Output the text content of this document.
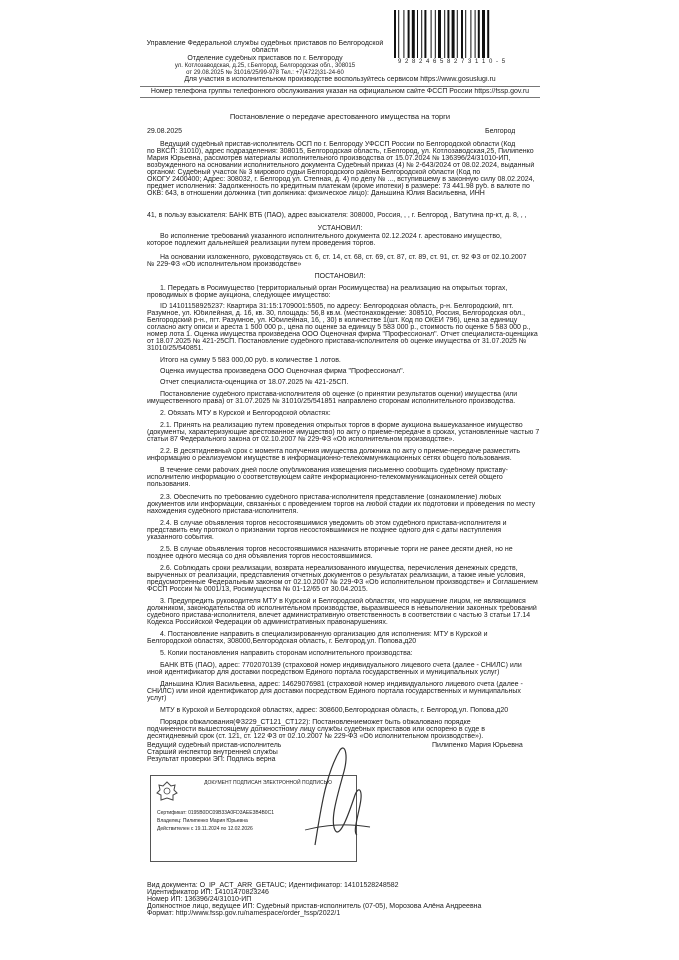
Управление Федеральной службы судебных приставов по Белгородской
области
Отделение судебных приставов по г. Белгороду
ул. Котлозаводская, д.25, г.Белгород, Белгородская обл., 308015
от 29.08.2025 № 31016/25/99-978 Тел.: +7(4722)31-24-60
9 2 8 2 4 6 5 8 2 7 3 1 1 0 - 5
Для участия в исполнительном производстве воспользуйтесь сервисом https://www.gosuslugi.ru
Номер телефона группы телефонного обслуживания указан на официальном сайте ФССП России https://fssp.gov.ru
Постановление о передаче арестованного имущества на торги
29.08.2025	Белгород
Ведущий судебный пристав-исполнитель ОСП по г. Белгороду УФССП России по Белгородской области (Код
по ВКСП: 31010), адрес подразделения: 308015, Белгородская область, г.Белгород, ул. Котлозаводская,25, Пилипенко
Мария Юрьевна, рассмотрев материалы исполнительного производства от 15.07.2024 № 136396/24/31010-ИП,
возбужденного на основании исполнительного документа Судебный приказ (4) № 2-643/2024 от 08.02.2024, выданный
органом: Судебный участок № 3 мирового судьи Белгородского района Белгородской области (Код по
ОКОГУ 2400400; Адрес: 308032, г. Белгород ул. Степная, д. 4) по делу № ..., вступившему в законную силу 08.02.2024,
предмет исполнения: Задолженность по кредитным платежам (кроме ипотеки) в размере: 73 441.98 руб. в валюте по
ОКВ: 643, в отношении должника (тип должника: физическое лицо): Даньшина Юлия Васильевна, ИНН
41, в пользу взыскателя: БАНК ВТБ (ПАО), адрес взыскателя: 308000, Россия, , , г. Белгород , Ватутина пр-кт, д. 8, , ,
УСТАНОВИЛ:
Во исполнение требований указанного исполнительного документа 02.12.2024 г. арестовано имущество,
которое подлежит дальнейшей реализации путем проведения торгов.
На основании изложенного, руководствуясь ст. 6, ст. 14, ст. 68, ст. 69, ст. 87, ст. 89, ст. 91, ст. 92 ФЗ от 02.10.2007
№ 229-ФЗ «Об исполнительном производстве»
ПОСТАНОВИЛ:
1. Передать в Росимущество (территориальный орган Росимущества) на реализацию на открытых торгах,
проводимых в форме аукциона, следующее имущество:
ID 14101158925237: Квартира 31:15:1709001:5505, по адресу: Белгородская область, р-н. Белгородский, пгт.
Разумное, ул. Юбилейная, д. 16, кв. 30, площадь: 56,8 кв.м. (местонахождение: 308510, Россия, Белгородская обл.,
Белгородский р-н., пгт. Разумное, ул. Юбилейная, 16, , 30) в количестве 1(шт. Код по ОКЕИ 796), цена за единицу
согласно акту описи и ареста 1 500 000 р., цена по оценке за единицу 5 583 000 р., стоимость по оценке 5 583 000 р.,
номер лота 1. Оценка имущества произведена ООО Оценочная фирма "Профессионал". Отчет специалиста-оценщика
от 18.07.2025 № 421-25СП. Постановление судебного пристава-исполнителя об оценке имущества от 31.07.2025 №
31010/25/540851.
Итого на сумму 5 583 000,00 руб. в количестве 1 лотов.
Оценка имущества произведена ООО Оценочная фирма "Профессионал".
Отчет специалиста-оценщика от 18.07.2025 № 421-25СП.
Постановление судебного пристава-исполнителя об оценке (о принятии результатов оценки) имущества (или
имущественного права) от 31.07.2025 № 31010/25/541851 направлено сторонам исполнительного производства.
2. Обязать МТУ в Курской и Белгородской областях:
2.1. Принять на реализацию путем проведения открытых торгов в форме аукциона вышеуказанное имущество
(документы, характеризующие арестованное имущество) по акту о приеме-передаче в сроках, установленные частью 7
статьи 87 Федерального закона от 02.10.2007 № 229-ФЗ «Об исполнительном производстве».
2.2. В десятидневный срок с момента получения имущества должника по акту о приеме-передаче разместить
информацию о реализуемом имуществе в информационно-телекоммуникационных сетях общего пользования.
В течение семи рабочих дней после опубликования извещения письменно сообщить судебному приставу-
исполнителю информацию о соответствующем сайте информационно-телекоммуникационных сетей общего
пользования.
2.3. Обеспечить по требованию судебного пристава-исполнителя представление (ознакомление) любых
документов или информации, связанных с проведением торгов на любой стадии их подготовки и проведения по месту
нахождения судебного пристава-исполнителя.
2.4. В случае объявления торгов несостоявшимися уведомить об этом судебного пристава-исполнителя и
представить ему протокол о признании торгов несостоявшимися не позднее одного дня с даты наступления
указанного события.
2.5. В случае объявления торгов несостоявшимися назначить вторичные торги не ранее десяти дней, но не
позднее одного месяца со дня объявления торгов несостоявшимися.
2.6. Соблюдать сроки реализации, возврата нереализованного имущества, перечисления денежных средств,
вырученных от реализации, представления отчетных документов о результатах реализации, а также иные условия,
предусмотренные Федеральным законом от 02.10.2007 № 229-ФЗ «Об исполнительном производстве» и Соглашением
ФССП России № 0001/13, Росимущества № 01-12/65 от 30.04.2015.
3. Предупредить руководителя МТУ в Курской и Белгородской областях, что нарушение лицом, не являющимся
должником, законодательства об исполнительном производстве, выразившееся в невыполнении законных требований
судебного пристава-исполнителя, влечет административную ответственность в соответствии с частью 3 статьи 17.14
Кодекса Российской Федерации об административных правонарушениях.
4. Постановление направить в специализированную организацию для исполнения: МТУ в Курской и
Белгородской областях, 308000,Белгородская область, г. Белгород,ул. Попова,д20
5. Копии постановления направить сторонам исполнительного производства:
БАНК ВТБ (ПАО), адрес: 7702070139 (страховой номер индивидуального лицевого счета (далее - СНИЛС) или
иной идентификатор для доставки посредством Единого портала государственных и муниципальных услуг)
Даньшина Юлия Васильевна, адрес: 14629076981 (страховой номер индивидуального лицевого счета (далее -
СНИЛС) или иной идентификатор для доставки посредством Единого портала государственных и муниципальных
услуг)
МТУ в Курской и Белгородской областях, адрес: 308600,Белгородская область, г. Белгород,ул. Попова,д20
Порядок обжалования(ФЗ229_СТ121_СТ122): Постановлениеможет быть обжаловано порядке
подчиненности вышестоящему должностному лицу службы судебных приставов или оспорено в суде в
десятидневный срок (ст. 121, ст. 122 ФЗ от 02.10.2007 № 229-ФЗ «Об исполнительном производстве»).
Ведущий судебный пристав-исполнитель	Пилипенко Мария Юрьевна
Старший инспектор внутренней службы
Результат проверки ЭП: Подпись верна
ДОКУМЕНТ ПОДПИСАН ЭЛЕКТРОННОЙ ПОДПИСЬЮ
Сертификат: 0195B0DC09B33A0FD3AEE3B4B0C1
Владелец: Пилипенко Мария Юрьевна
Действителен с 19.11.2024 по 12.02.2026
Вид документа: O_IP_ACT_ARR_GETAUC; Идентификатор: 14101528248582
Идентификатор ИП: 14101470823246
Номер ИП: 136396/24/31010-ИП
Должностное лицо, ведущее ИП: Судебный пристав-исполнитель (07-05), Морозова Алёна Андреевна
Формат: http://www.fssp.gov.ru/namespace/order_fssp/2022/1
